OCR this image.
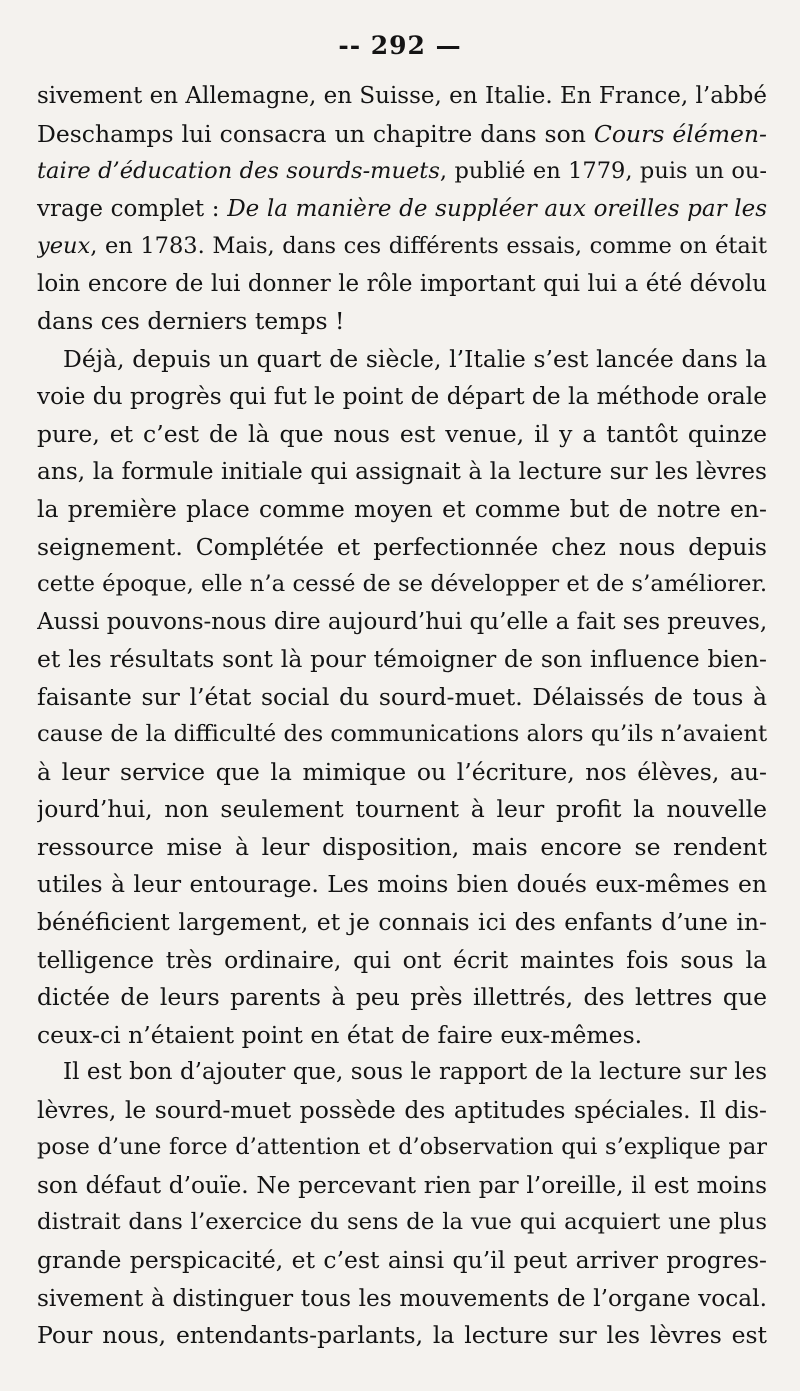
-- 292 —
sivement en Allemagne, en Suisse, en Italie. En France, l’abbé
Deschamps lui consacra un chapitre dans son Cours élémen-
taire d’éducation des sourds-muets, publié en 1779, puis un ou-
vrage complet : De la manière de suppléer aux oreilles par les
yeux, en 1783. Mais, dans ces différents essais, comme on était
loin encore de lui donner le rôle important qui lui a été dévolu
dans ces derniers temps !
Déjà, depuis un quart de siècle, l’Italie s’est lancée dans la
voie du progrès qui fut le point de départ de la méthode orale
pure, et c’est de là que nous est venue, il y a tantôt quinze
ans, la formule initiale qui assignait à la lecture sur les lèvres
la première place comme moyen et comme but de notre en-
seignement. Complétée et perfectionnée chez nous depuis
cette époque, elle n’a cessé de se développer et de s’améliorer.
Aussi pouvons-nous dire aujourd’hui qu’elle a fait ses preuves,
et les résultats sont là pour témoigner de son influence bien-
faisante sur l’état social du sourd-muet. Délaissés de tous à
cause de la difficulté des communications alors qu’ils n’avaient
à leur service que la mimique ou l’écriture, nos élèves, au-
jourd’hui, non seulement tournent à leur profit la nouvelle
ressource mise à leur disposition, mais encore se rendent
utiles à leur entourage. Les moins bien doués eux-mêmes en
bénéficient largement, et je connais ici des enfants d’une in-
telligence très ordinaire, qui ont écrit maintes fois sous la
dictée de leurs parents à peu près illettrés, des lettres que
ceux-ci n’étaient point en état de faire eux-mêmes.
Il est bon d’ajouter que, sous le rapport de la lecture sur les
lèvres, le sourd-muet possède des aptitudes spéciales. Il dis-
pose d’une force d’attention et d’observation qui s’explique par
son défaut d’ouïe. Ne percevant rien par l’oreille, il est moins
distrait dans l’exercice du sens de la vue qui acquiert une plus
grande perspicacité, et c’est ainsi qu’il peut arriver progres-
sivement à distinguer tous les mouvements de l’organe vocal.
Pour nous, entendants-parlants, la lecture sur les lèvres est
